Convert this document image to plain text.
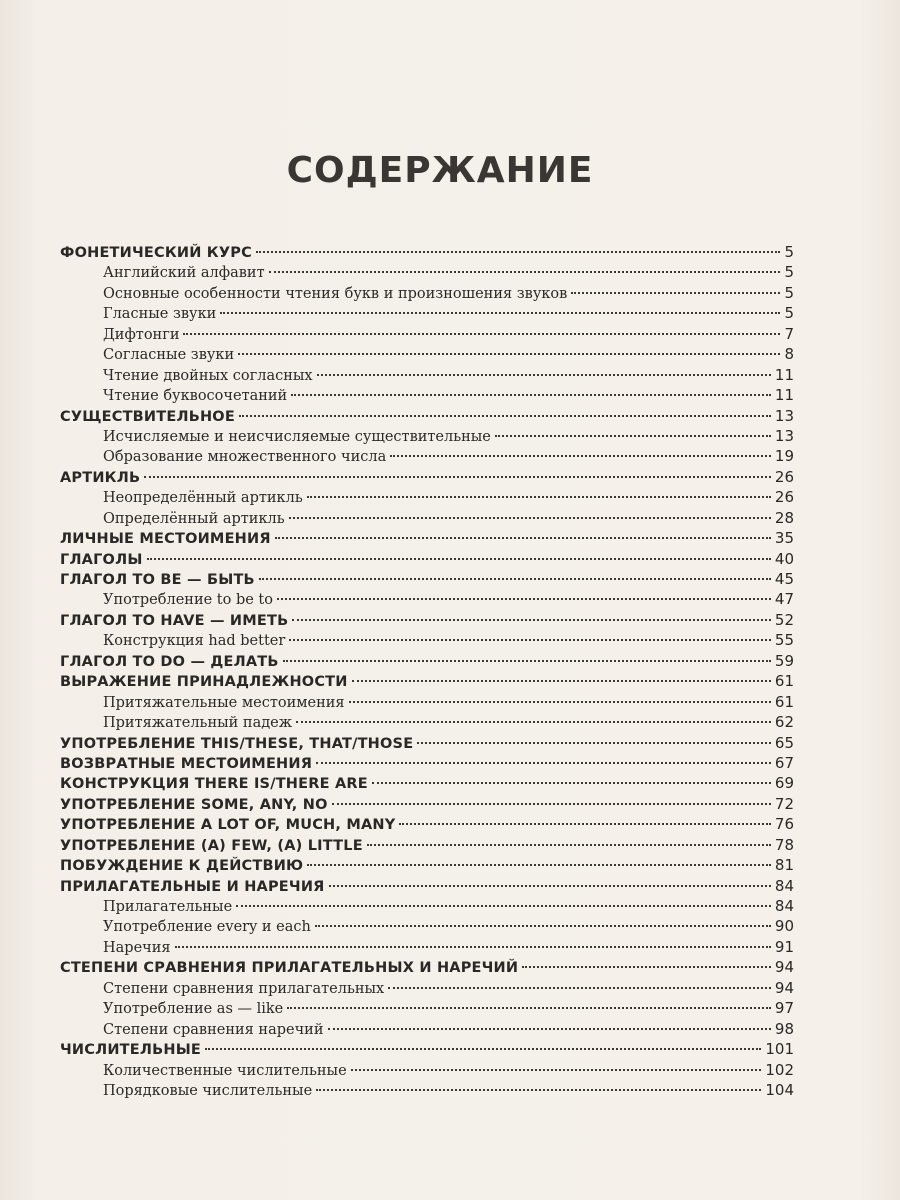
СОДЕРЖАНИЕ
ФОНЕТИЧЕСКИЙ КУРС	5
Английский алфавит	5
Основные особенности чтения букв и произношения звуков	5
Гласные звуки	5
Дифтонги	7
Согласные звуки	8
Чтение двойных согласных	11
Чтение буквосочетаний	11
СУЩЕСТВИТЕЛЬНОЕ	13
Исчисляемые и неисчисляемые существительные	13
Образование множественного числа	19
АРТИКЛЬ	26
Неопределённый артикль	26
Определённый артикль	28
ЛИЧНЫЕ МЕСТОИМЕНИЯ	35
ГЛАГОЛЫ	40
ГЛАГОЛ TO BE — БЫТЬ	45
Употребление to be to	47
ГЛАГОЛ TO HAVE — ИМЕТЬ	52
Конструкция had better	55
ГЛАГОЛ TO DO — ДЕЛАТЬ	59
ВЫРАЖЕНИЕ ПРИНАДЛЕЖНОСТИ	61
Притяжательные местоимения	61
Притяжательный падеж	62
УПОТРЕБЛЕНИЕ THIS/THESE, THAT/THOSE	65
ВОЗВРАТНЫЕ МЕСТОИМЕНИЯ	67
КОНСТРУКЦИЯ THERE IS/THERE ARE	69
УПОТРЕБЛЕНИЕ SOME, ANY, NO	72
УПОТРЕБЛЕНИЕ A LOT OF, MUCH, MANY	76
УПОТРЕБЛЕНИЕ (A) FEW, (A) LITTLE	78
ПОБУЖДЕНИЕ К ДЕЙСТВИЮ	81
ПРИЛАГАТЕЛЬНЫЕ И НАРЕЧИЯ	84
Прилагательные	84
Употребление every и each	90
Наречия	91
СТЕПЕНИ СРАВНЕНИЯ ПРИЛАГАТЕЛЬНЫХ И НАРЕЧИЙ	94
Степени сравнения прилагательных	94
Употребление as — like	97
Степени сравнения наречий	98
ЧИСЛИТЕЛЬНЫЕ	101
Количественные числительные	102
Порядковые числительные	104
